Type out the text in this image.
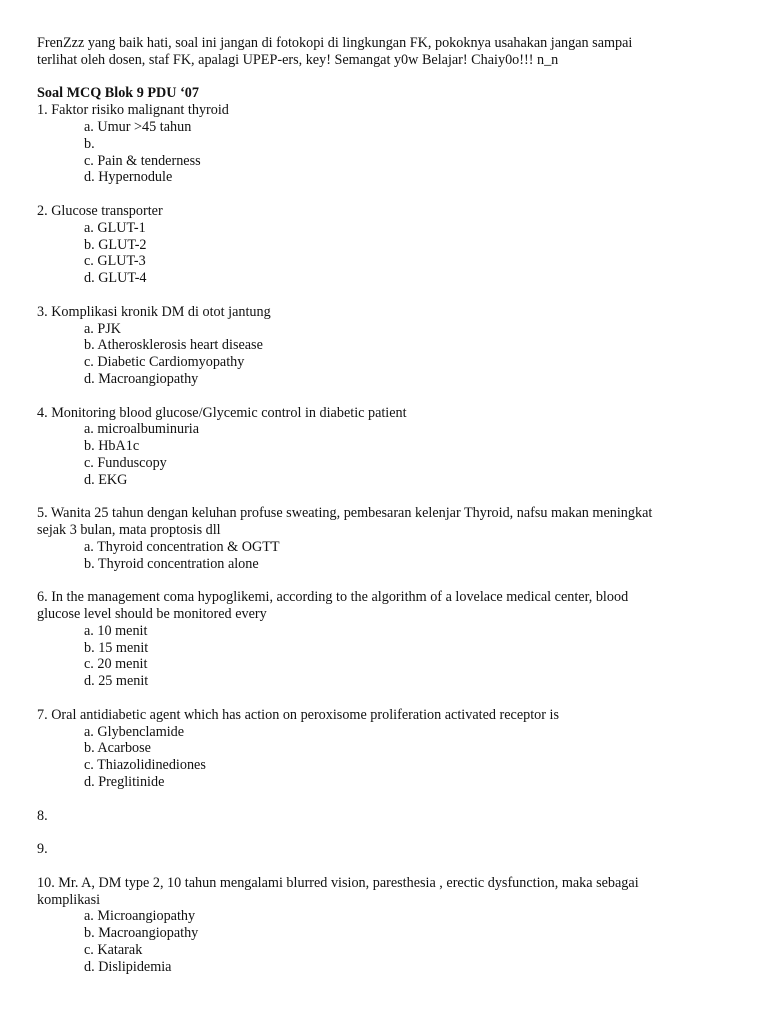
FrenZzz yang baik hati, soal ini jangan di fotokopi di lingkungan FK, pokoknya usahakan jangan sampai
terlihat oleh dosen, staf FK, apalagi UPEP-ers, key! Semangat y0w Belajar! Chaiy0o!!! n_n
Soal MCQ Blok 9 PDU ‘07
1. Faktor risiko malignant thyroid
a. Umur >45 tahun
b.
c. Pain & tenderness
d. Hypernodule
2. Glucose transporter
a. GLUT-1
b. GLUT-2
c. GLUT-3
d. GLUT-4
3. Komplikasi kronik DM di otot jantung
a. PJK
b. Atherosklerosis heart disease
c. Diabetic Cardiomyopathy
d. Macroangiopathy
4. Monitoring blood glucose/Glycemic control in diabetic patient
a. microalbuminuria
b. HbA1c
c. Funduscopy
d. EKG
5. Wanita 25 tahun dengan keluhan profuse sweating, pembesaran kelenjar Thyroid, nafsu makan meningkat
sejak 3 bulan, mata proptosis dll
a. Thyroid concentration & OGTT
b. Thyroid concentration alone
6. In the management coma hypoglikemi, according to the algorithm of a lovelace medical center, blood
glucose level should be monitored every
a. 10 menit
b. 15 menit
c. 20 menit
d. 25 menit
7. Oral antidiabetic agent which has action on peroxisome proliferation activated receptor is
a. Glybenclamide
b. Acarbose
c. Thiazolidinediones
d. Preglitinide
8.
9.
10. Mr. A, DM type 2, 10 tahun mengalami blurred vision, paresthesia , erectic dysfunction, maka sebagai
komplikasi
a. Microangiopathy
b. Macroangiopathy
c. Katarak
d. Dislipidemia
